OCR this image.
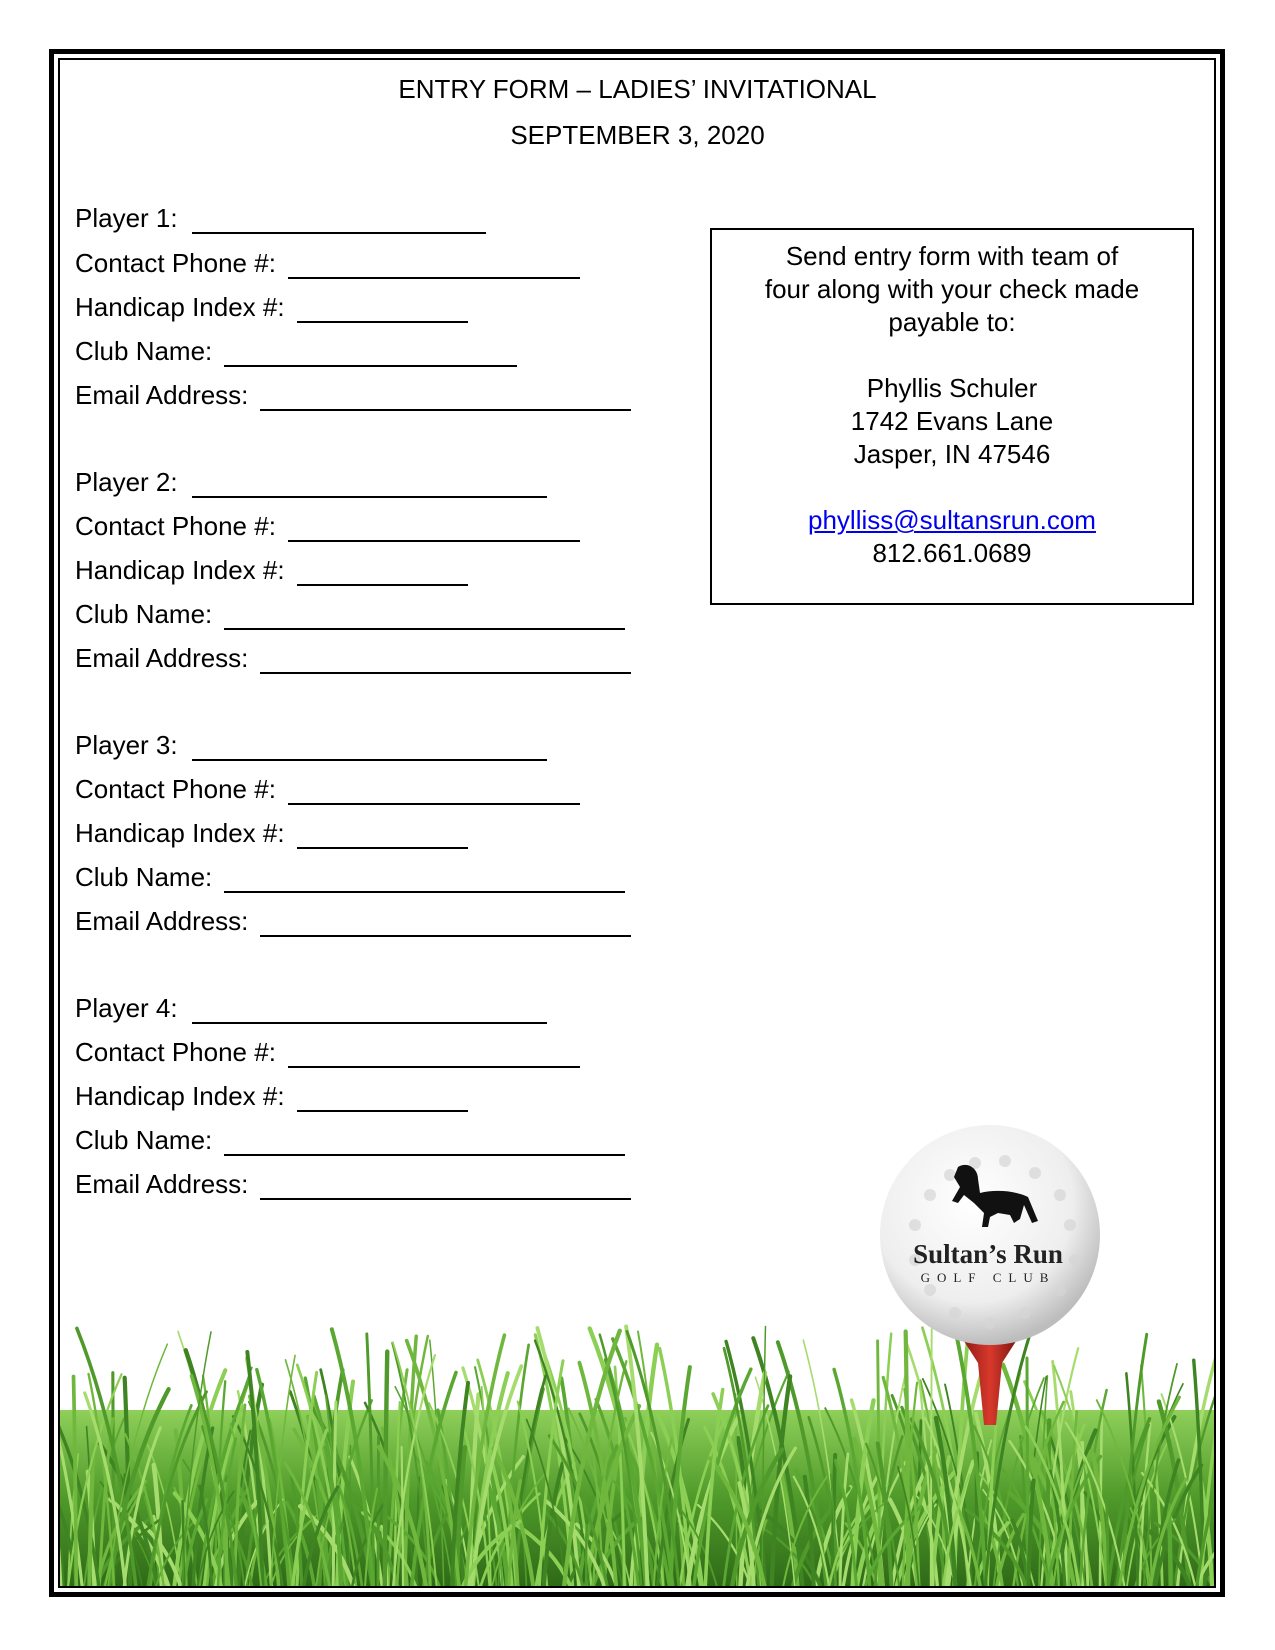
ENTRY FORM – LADIES’ INVITATIONAL
SEPTEMBER 3, 2020
Player 1:
Contact Phone #:
Handicap Index #:
Club Name:
Email Address:
Player 2:
Contact Phone #:
Handicap Index #:
Club Name:
Email Address:
Player 3:
Contact Phone #:
Handicap Index #:
Club Name:
Email Address:
Player 4:
Contact Phone #:
Handicap Index #:
Club Name:
Email Address:

Send entry form with team of

four along with your check made

payable to:

Phyllis Schuler

1742 Evans Lane

Jasper, IN 47546

phylliss@sultansrun.com

812.661.0689

Sultan’s Run
GOLF CLUB
